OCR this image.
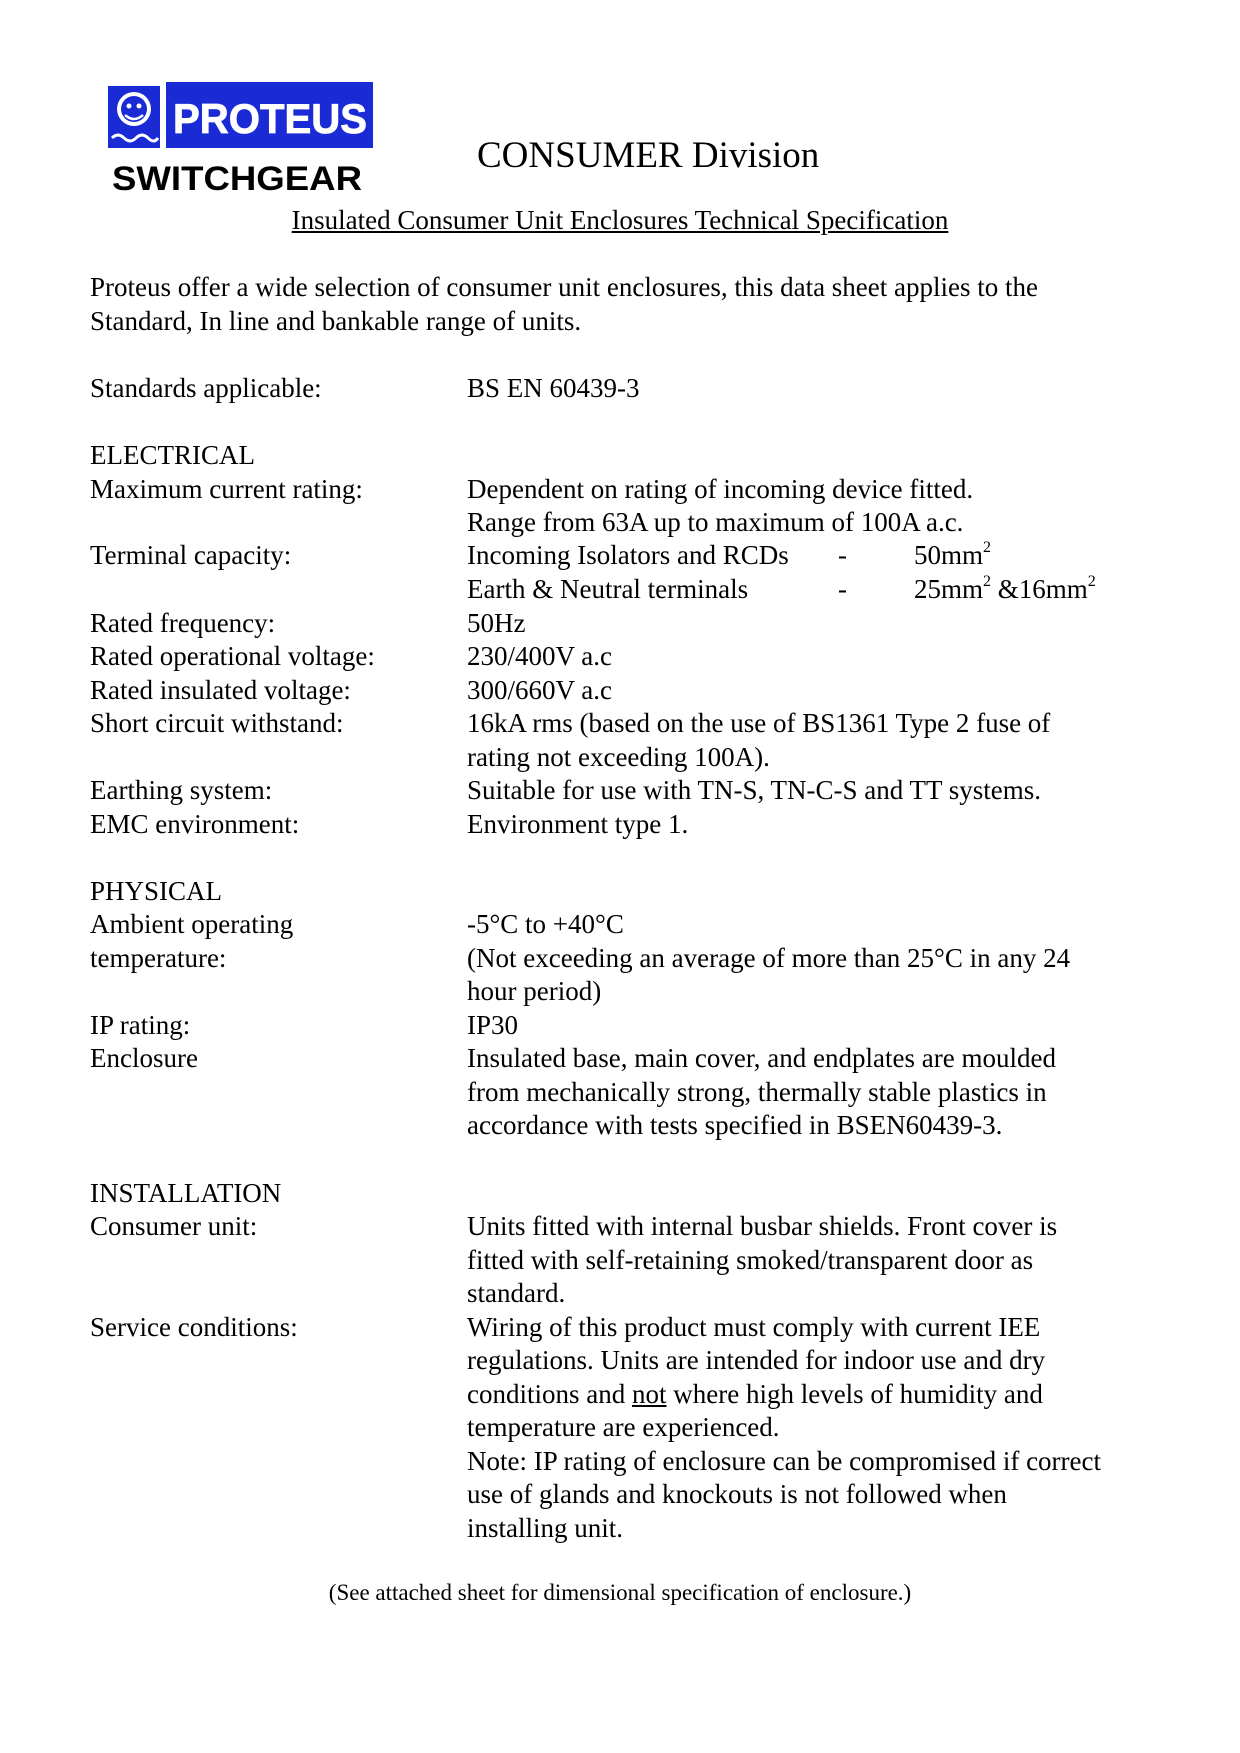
PROTEUS
SWITCHGEAR
CONSUMER Division
Insulated Consumer Unit Enclosures Technical Specification
Proteus offer a wide selection of consumer unit enclosures, this data sheet applies to the
Standard, In line and bankable range of units.
Standards applicable:	BS EN 60439-3
ELECTRICAL
Maximum current rating:	Dependent on rating of incoming device fitted.
Range from 63A up to maximum of 100A a.c.
Terminal capacity:	Incoming Isolators and RCDs - $50mm^2$
Earth & Neutral terminals	- $25mm^2$ $\&16mm^2$
Rated frequency:	50Hz
Rated operational voltage:	230/400V a.c
Rated insulated voltage:	300/660V a.c
Short circuit withstand:	16kA rms (based on the use of BS1361 Type 2 fuse of
rating not exceeding 100A).
Earthing system:	Suitable for use with TN-S, TN-C-S and TT systems.
EMC environment:	Environment type 1.
PHYSICAL
Ambient operating	-5°C to +40°C
temperature:	(Not exceeding an average of more than 25°C in any 24
hour period)
IP rating:	IP30
Enclosure	Insulated base, main cover, and endplates are moulded
from mechanically strong, thermally stable plastics in
accordance with tests specified in BSEN60439-3.
INSTALLATION
Consumer unit:	Units fitted with internal busbar shields. Front cover is
fitted with self-retaining smoked/transparent door as
standard.
Service conditions:	Wiring of this product must comply with current IEE
regulations. Units are intended for indoor use and dry
conditions and not where high levels of humidity and
temperature are experienced.
Note: IP rating of enclosure can be compromised if correct
use of glands and knockouts is not followed when
installing unit.
(See attached sheet for dimensional specification of enclosure.)
